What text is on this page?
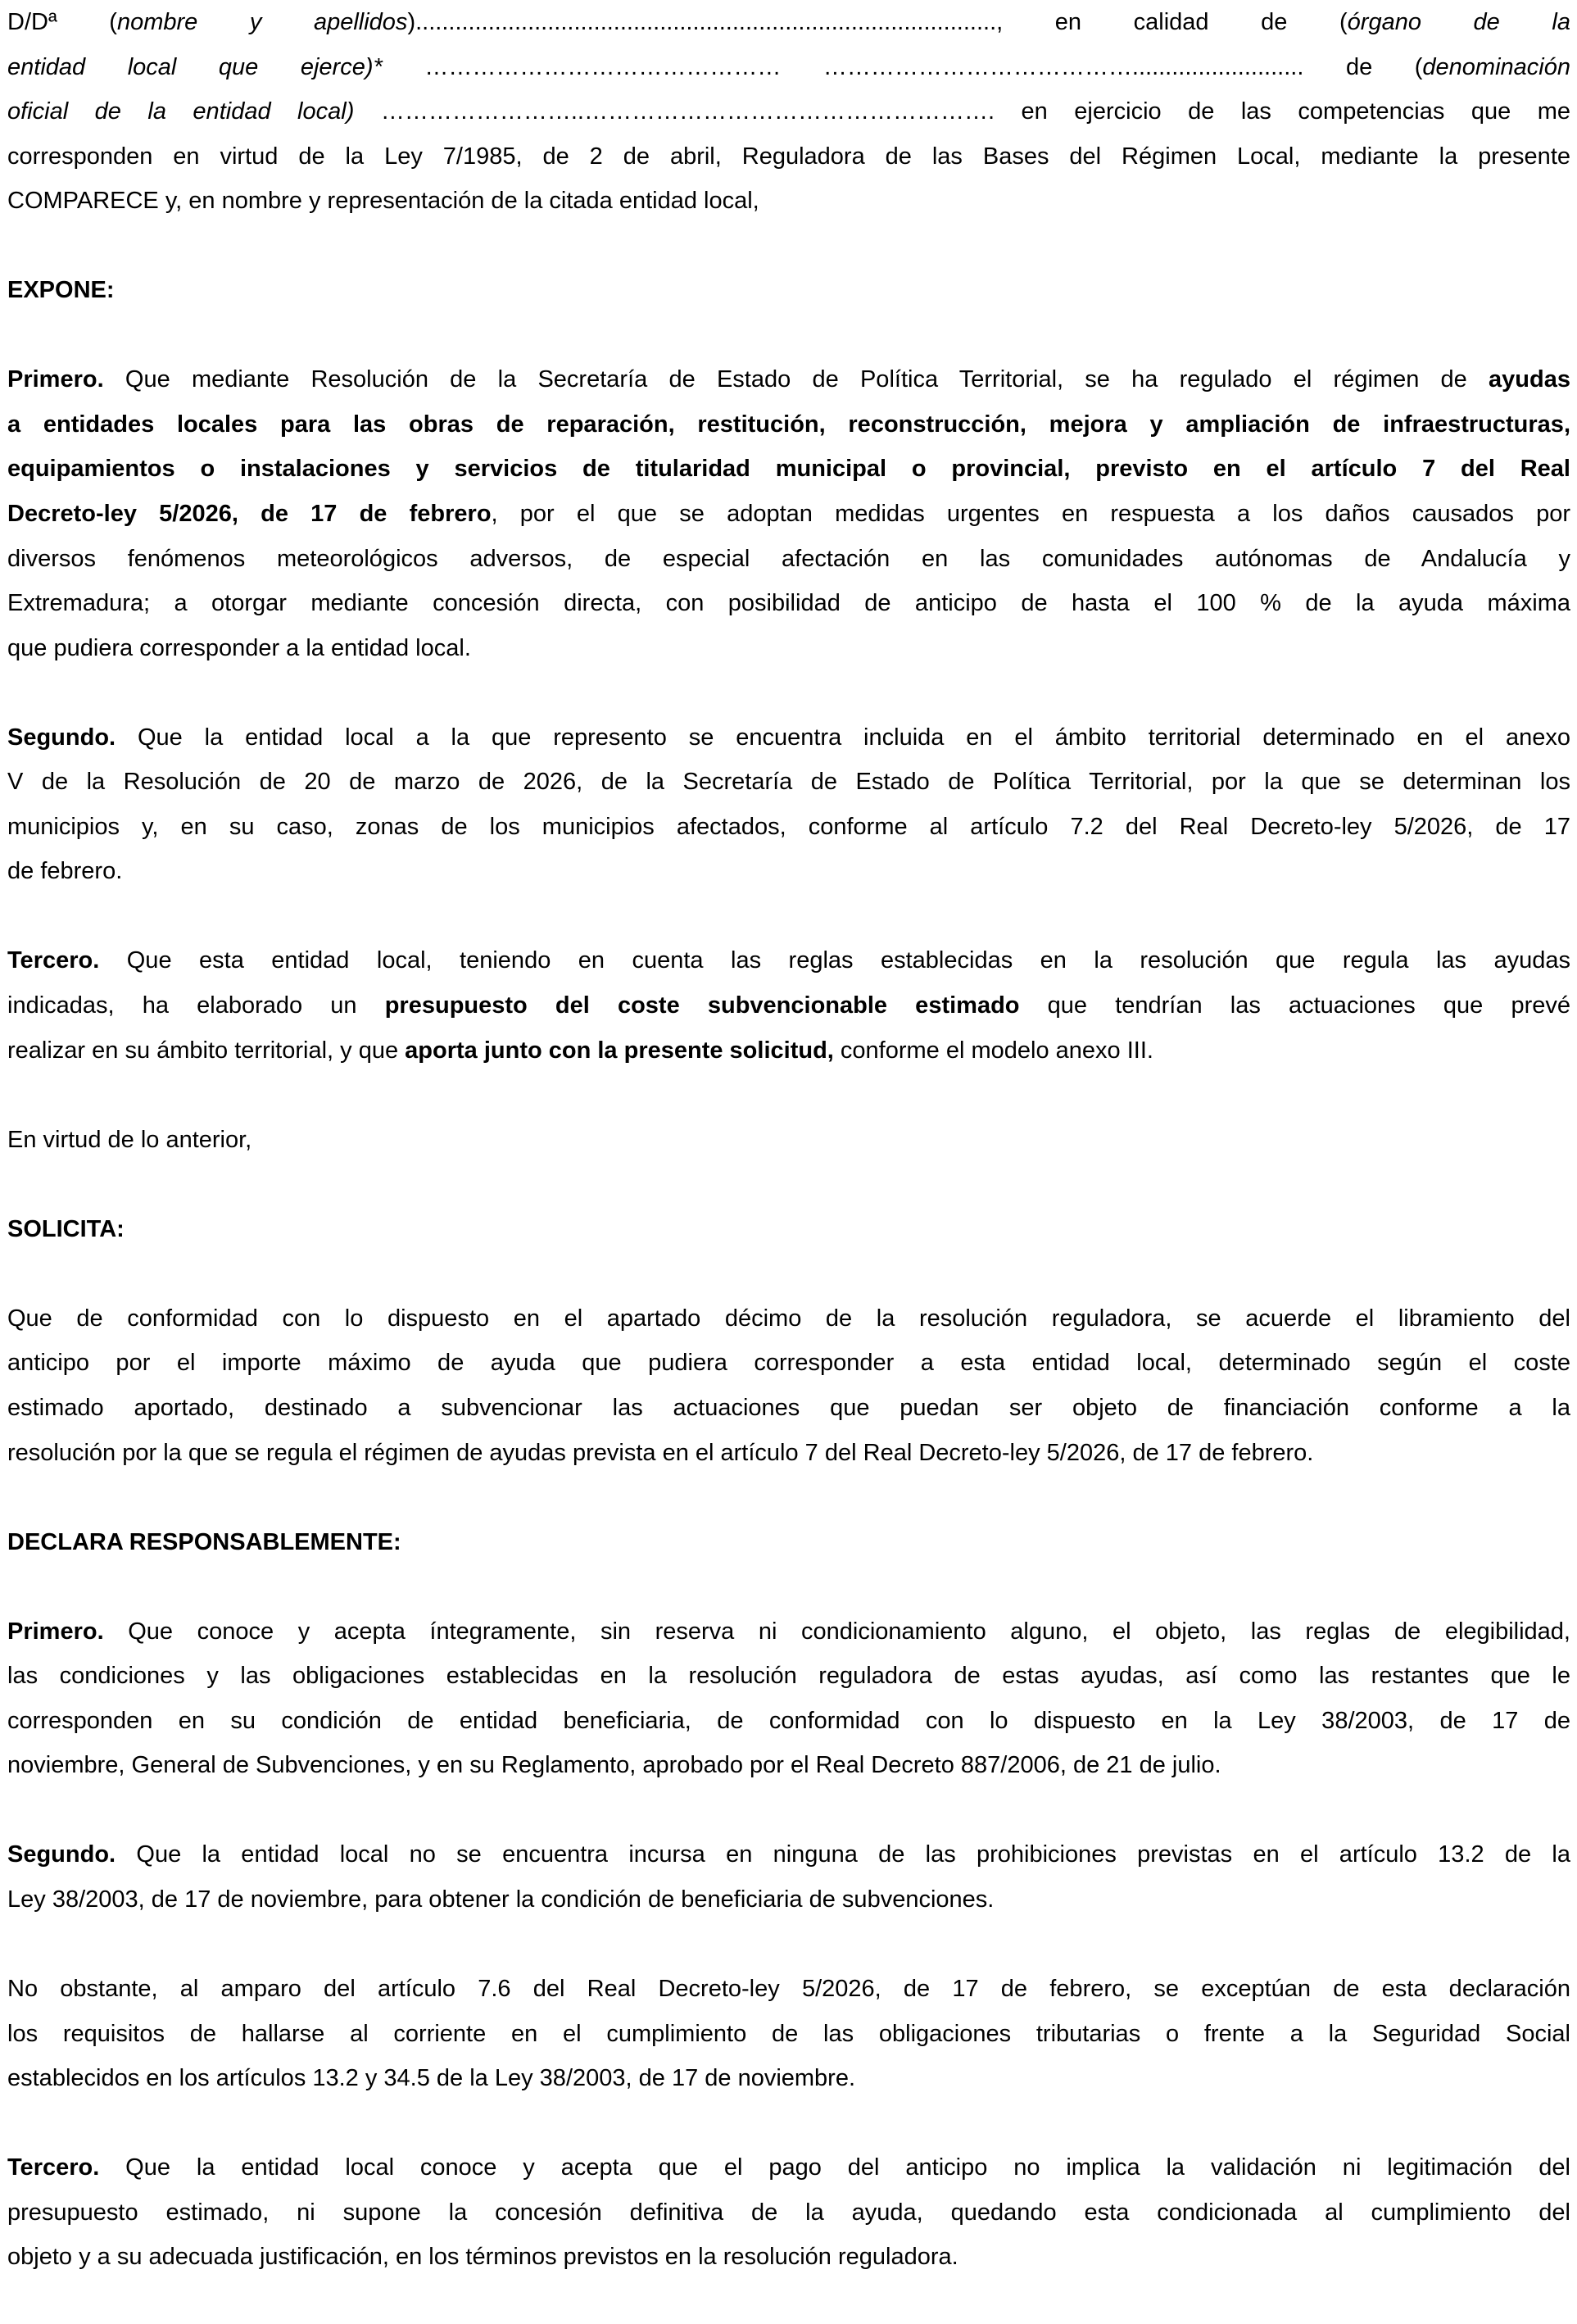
D/Dª (nombre y apellidos)........................................................................................, en calidad de (órgano de la
entidad local que ejerce)* ……………………………………… ………………………………….......................... de (denominación
oficial de la entidad local) ……………………..……………………………………………. en ejercicio de las competencias que me
corresponden en virtud de la Ley 7/1985, de 2 de abril, Reguladora de las Bases del Régimen Local, mediante la presente
COMPARECE y, en nombre y representación de la citada entidad local,
EXPONE:
Primero. Que mediante Resolución de la Secretaría de Estado de Política Territorial, se ha regulado el régimen de ayudas
a entidades locales para las obras de reparación, restitución, reconstrucción, mejora y ampliación de infraestructuras,
equipamientos o instalaciones y servicios de titularidad municipal o provincial, previsto en el artículo 7 del Real
Decreto-ley 5/2026, de 17 de febrero, por el que se adoptan medidas urgentes en respuesta a los daños causados por
diversos fenómenos meteorológicos adversos, de especial afectación en las comunidades autónomas de Andalucía y
Extremadura; a otorgar mediante concesión directa, con posibilidad de anticipo de hasta el 100 % de la ayuda máxima
que pudiera corresponder a la entidad local.
Segundo. Que la entidad local a la que represento se encuentra incluida en el ámbito territorial determinado en el anexo
V de la Resolución de 20 de marzo de 2026, de la Secretaría de Estado de Política Territorial, por la que se determinan los
municipios y, en su caso, zonas de los municipios afectados, conforme al artículo 7.2 del Real Decreto-ley 5/2026, de 17
de febrero.
Tercero. Que esta entidad local, teniendo en cuenta las reglas establecidas en la resolución que regula las ayudas
indicadas, ha elaborado un presupuesto del coste subvencionable estimado que tendrían las actuaciones que prevé
realizar en su ámbito territorial, y que aporta junto con la presente solicitud, conforme el modelo anexo III.
En virtud de lo anterior,
SOLICITA:
Que de conformidad con lo dispuesto en el apartado décimo de la resolución reguladora, se acuerde el libramiento del
anticipo por el importe máximo de ayuda que pudiera corresponder a esta entidad local, determinado según el coste
estimado aportado, destinado a subvencionar las actuaciones que puedan ser objeto de financiación conforme a la
resolución por la que se regula el régimen de ayudas prevista en el artículo 7 del Real Decreto-ley 5/2026, de 17 de febrero.
DECLARA RESPONSABLEMENTE:
Primero. Que conoce y acepta íntegramente, sin reserva ni condicionamiento alguno, el objeto, las reglas de elegibilidad,
las condiciones y las obligaciones establecidas en la resolución reguladora de estas ayudas, así como las restantes que le
corresponden en su condición de entidad beneficiaria, de conformidad con lo dispuesto en la Ley 38/2003, de 17 de
noviembre, General de Subvenciones, y en su Reglamento, aprobado por el Real Decreto 887/2006, de 21 de julio.
Segundo. Que la entidad local no se encuentra incursa en ninguna de las prohibiciones previstas en el artículo 13.2 de la
Ley 38/2003, de 17 de noviembre, para obtener la condición de beneficiaria de subvenciones.
No obstante, al amparo del artículo 7.6 del Real Decreto-ley 5/2026, de 17 de febrero, se exceptúan de esta declaración
los requisitos de hallarse al corriente en el cumplimiento de las obligaciones tributarias o frente a la Seguridad Social
establecidos en los artículos 13.2 y 34.5 de la Ley 38/2003, de 17 de noviembre.
Tercero. Que la entidad local conoce y acepta que el pago del anticipo no implica la validación ni legitimación del
presupuesto estimado, ni supone la concesión definitiva de la ayuda, quedando esta condicionada al cumplimiento del
objeto y a su adecuada justificación, en los términos previstos en la resolución reguladora.
